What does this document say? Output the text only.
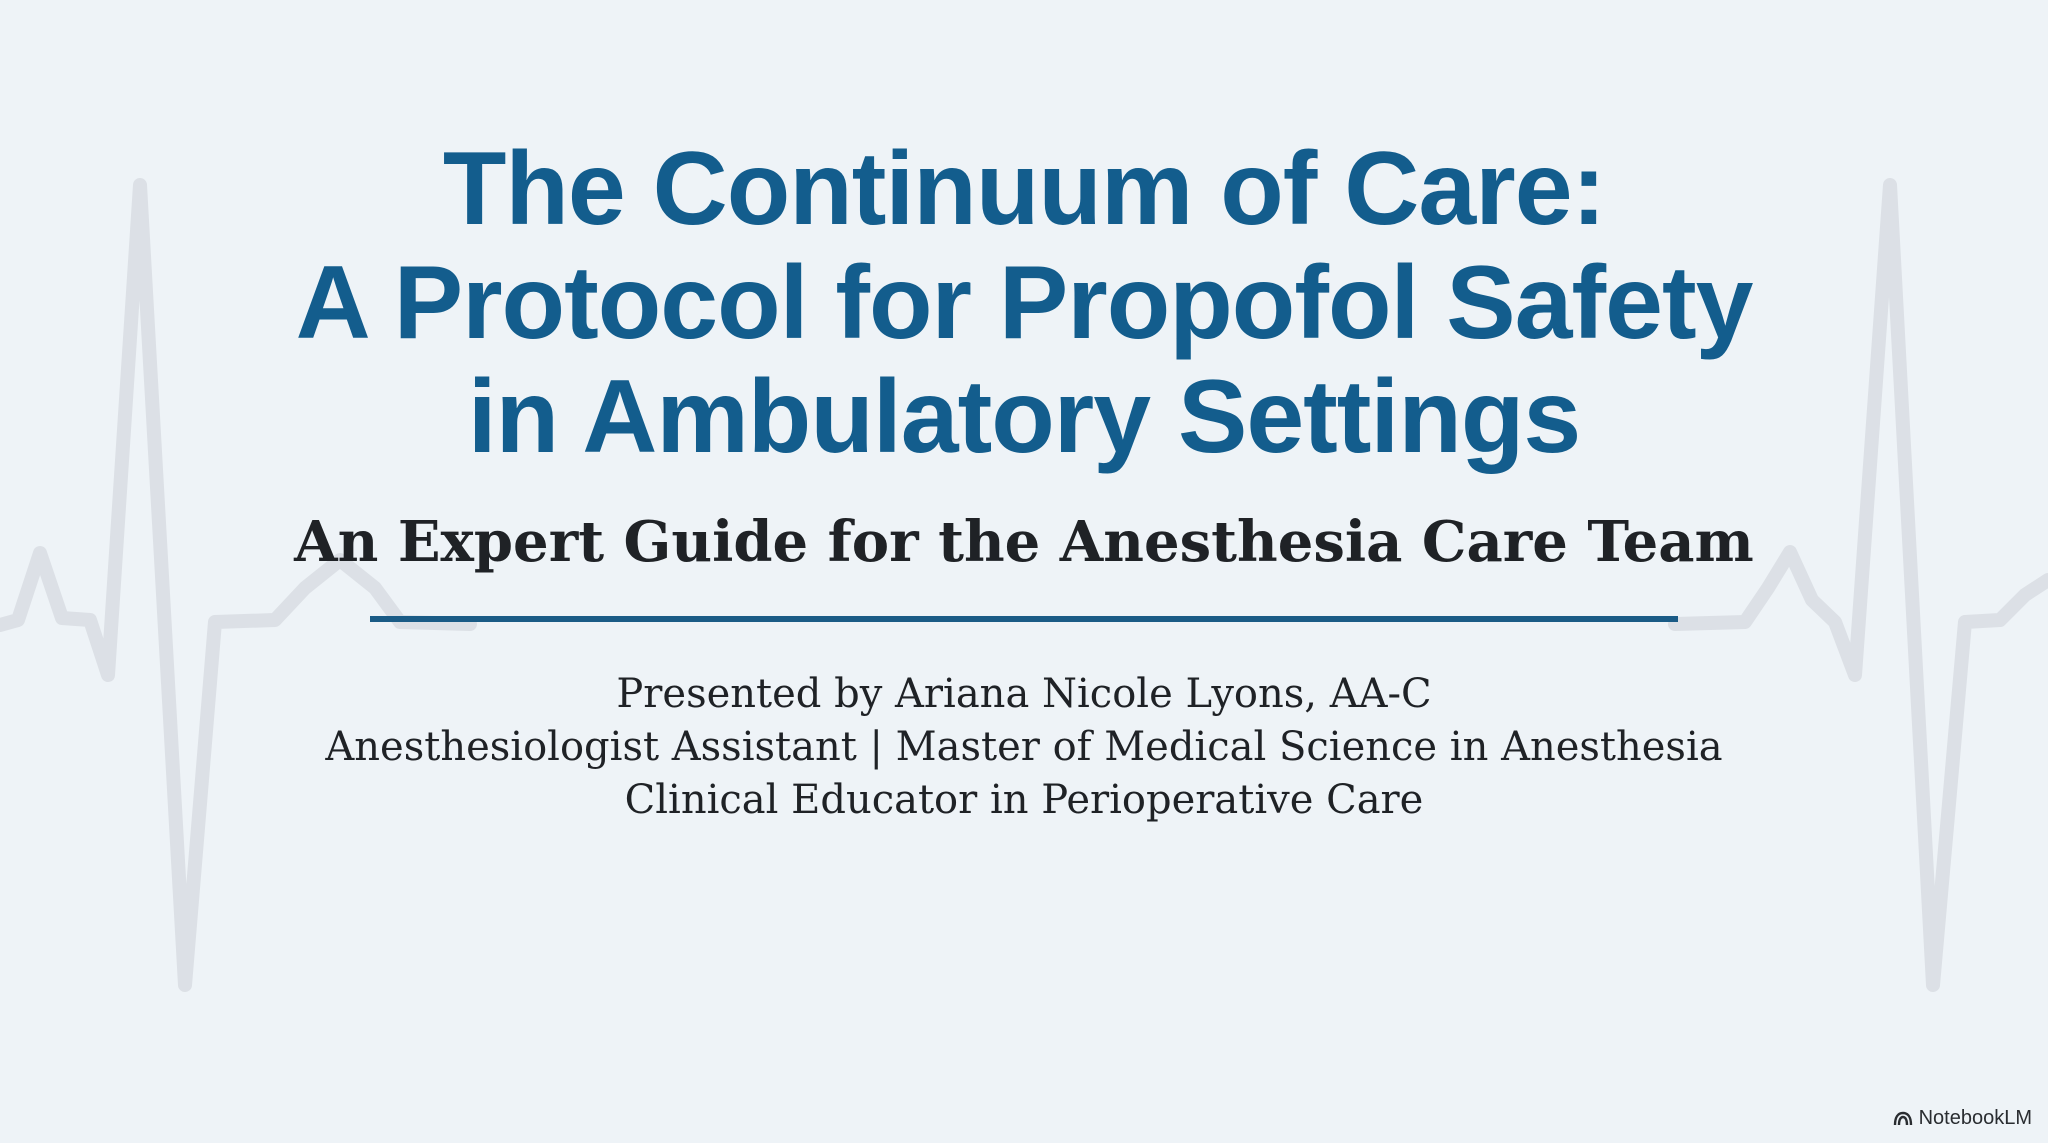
The Continuum of Care:
A Protocol for Propofol Safety
in Ambulatory Settings
An Expert Guide for the Anesthesia Care Team
Presented by Ariana Nicole Lyons, AA-C
Anesthesiologist Assistant | Master of Medical Science in Anesthesia
Clinical Educator in Perioperative Care
NotebookLM
